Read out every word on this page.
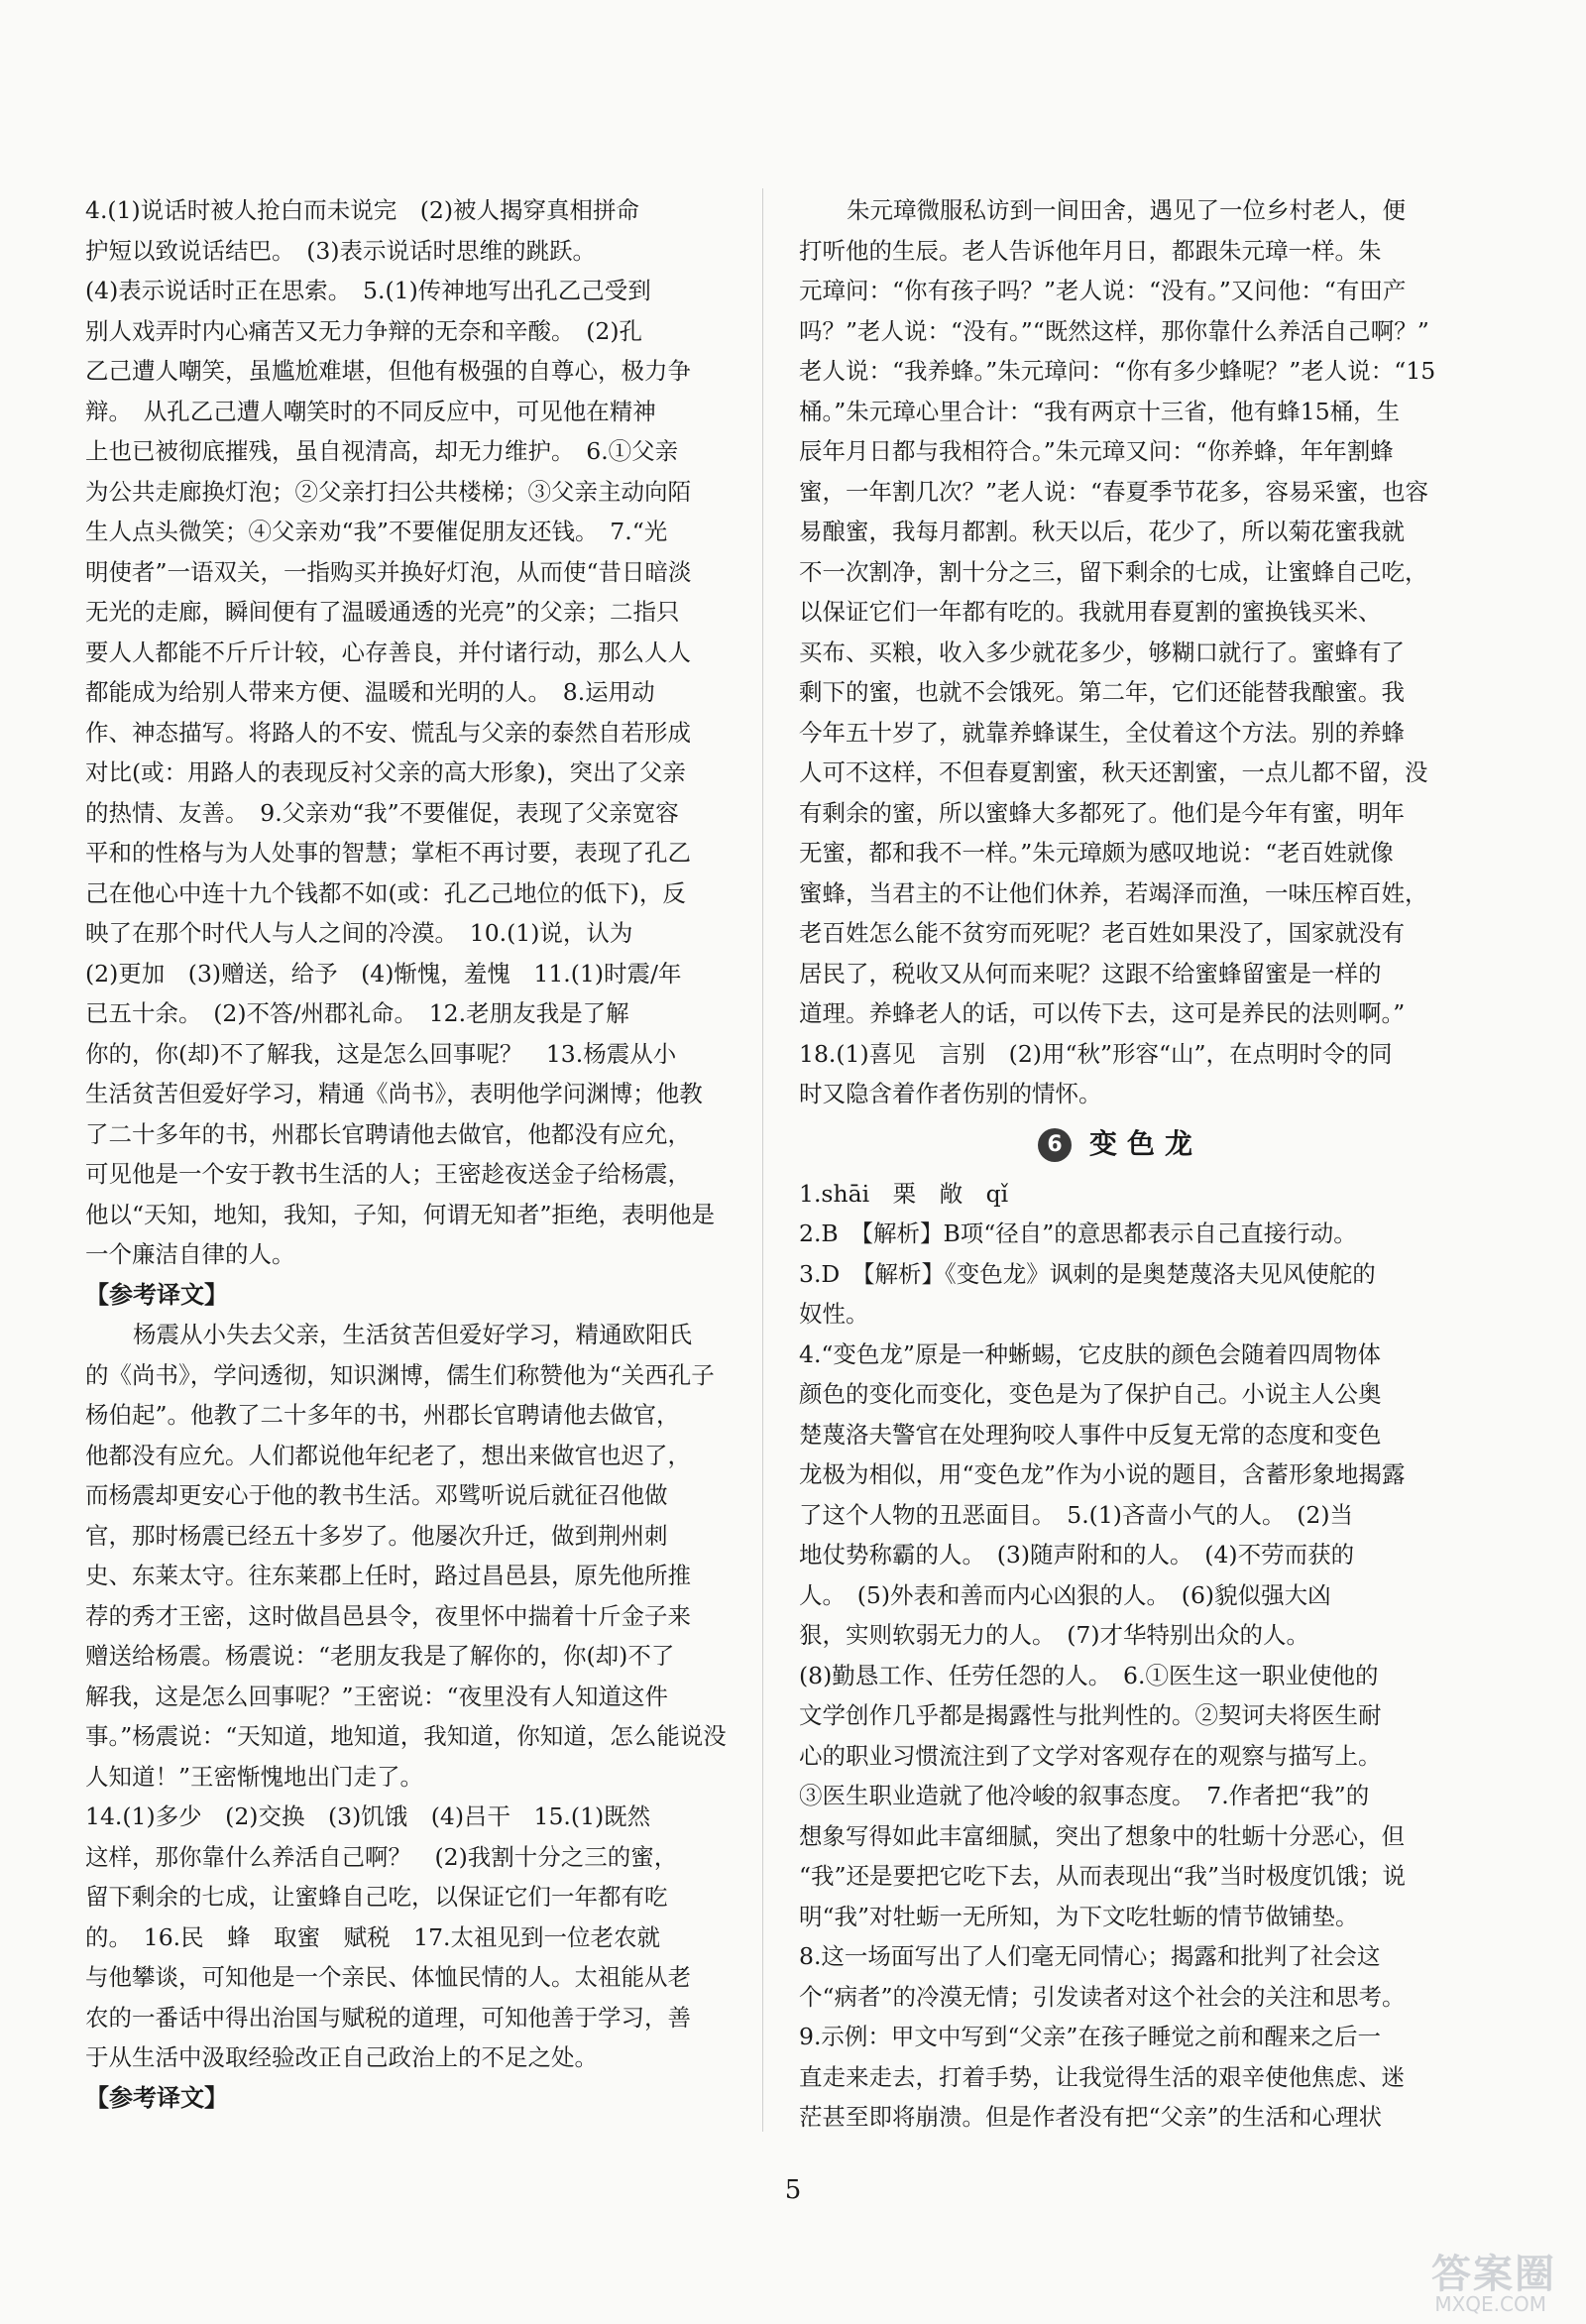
4.(1)说话时被人抢白而未说完　(2)被人揭穿真相拼命
护短以致说话结巴。　(3)表示说话时思维的跳跃。
(4)表示说话时正在思索。　5.(1)传神地写出孔乙己受到
别人戏弄时内心痛苦又无力争辩的无奈和辛酸。　(2)孔
乙己遭人嘲笑，虽尴尬难堪，但他有极强的自尊心，极力争
辩。　从孔乙己遭人嘲笑时的不同反应中，可见他在精神
上也已被彻底摧残，虽自视清高，却无力维护。　6.①父亲
为公共走廊换灯泡；②父亲打扫公共楼梯；③父亲主动向陌
生人点头微笑；④父亲劝“我”不要催促朋友还钱。　7.“光
明使者”一语双关，一指购买并换好灯泡，从而使“昔日暗淡
无光的走廊，瞬间便有了温暖通透的光亮”的父亲；二指只
要人人都能不斤斤计较，心存善良，并付诸行动，那么人人
都能成为给别人带来方便、温暖和光明的人。　8.运用动
作、神态描写。将路人的不安、慌乱与父亲的泰然自若形成
对比(或：用路人的表现反衬父亲的高大形象)，突出了父亲
的热情、友善。　9.父亲劝“我”不要催促，表现了父亲宽容
平和的性格与为人处事的智慧；掌柜不再讨要，表现了孔乙
己在他心中连十九个钱都不如(或：孔乙己地位的低下)，反
映了在那个时代人与人之间的冷漠。　10.(1)说，认为
(2)更加　(3)赠送，给予　(4)惭愧，羞愧　11.(1)时震/年
已五十余。　(2)不答/州郡礼命。　12.老朋友我是了解
你的，你(却)不了解我，这是怎么回事呢？　13.杨震从小
生活贫苦但爱好学习，精通《尚书》，表明他学问渊博；他教
了二十多年的书，州郡长官聘请他去做官，他都没有应允，
可见他是一个安于教书生活的人；王密趁夜送金子给杨震，
他以“天知，地知，我知，子知，何谓无知者”拒绝，表明他是
一个廉洁自律的人。
【参考译文】
杨震从小失去父亲，生活贫苦但爱好学习，精通欧阳氏
的《尚书》，学问透彻，知识渊博，儒生们称赞他为“关西孔子
杨伯起”。他教了二十多年的书，州郡长官聘请他去做官，
他都没有应允。人们都说他年纪老了，想出来做官也迟了，
而杨震却更安心于他的教书生活。邓骘听说后就征召他做
官，那时杨震已经五十多岁了。他屡次升迁，做到荆州刺
史、东莱太守。往东莱郡上任时，路过昌邑县，原先他所推
荐的秀才王密，这时做昌邑县令，夜里怀中揣着十斤金子来
赠送给杨震。杨震说：“老朋友我是了解你的，你(却)不了
解我，这是怎么回事呢？”王密说：“夜里没有人知道这件
事。”杨震说：“天知道，地知道，我知道，你知道，怎么能说没
人知道！”王密惭愧地出门走了。
14.(1)多少　(2)交换　(3)饥饿　(4)吕干　15.(1)既然
这样，那你靠什么养活自己啊？　(2)我割十分之三的蜜，
留下剩余的七成，让蜜蜂自己吃，以保证它们一年都有吃
的。　16.民　蜂　取蜜　赋税　17.太祖见到一位老农就
与他攀谈，可知他是一个亲民、体恤民情的人。太祖能从老
农的一番话中得出治国与赋税的道理，可知他善于学习，善
于从生活中汲取经验改正自己政治上的不足之处。
【参考译文】
朱元璋微服私访到一间田舍，遇见了一位乡村老人，便
打听他的生辰。老人告诉他年月日，都跟朱元璋一样。朱
元璋问：“你有孩子吗？”老人说：“没有。”又问他：“有田产
吗？”老人说：“没有。”“既然这样，那你靠什么养活自己啊？”
老人说：“我养蜂。”朱元璋问：“你有多少蜂呢？”老人说：“15
桶。”朱元璋心里合计：“我有两京十三省，他有蜂15桶，生
辰年月日都与我相符合。”朱元璋又问：“你养蜂，年年割蜂
蜜，一年割几次？”老人说：“春夏季节花多，容易采蜜，也容
易酿蜜，我每月都割。秋天以后，花少了，所以菊花蜜我就
不一次割净，割十分之三，留下剩余的七成，让蜜蜂自己吃，
以保证它们一年都有吃的。我就用春夏割的蜜换钱买米、
买布、买粮，收入多少就花多少，够糊口就行了。蜜蜂有了
剩下的蜜，也就不会饿死。第二年，它们还能替我酿蜜。我
今年五十岁了，就靠养蜂谋生，全仗着这个方法。别的养蜂
人可不这样，不但春夏割蜜，秋天还割蜜，一点儿都不留，没
有剩余的蜜，所以蜜蜂大多都死了。他们是今年有蜜，明年
无蜜，都和我不一样。”朱元璋颇为感叹地说：“老百姓就像
蜜蜂，当君主的不让他们休养，若竭泽而渔，一味压榨百姓，
老百姓怎么能不贫穷而死呢？老百姓如果没了，国家就没有
居民了，税收又从何而来呢？这跟不给蜜蜂留蜜是一样的
道理。养蜂老人的话，可以传下去，这可是养民的法则啊。”
18.(1)喜见　言别　(2)用“秋”形容“山”，在点明时令的同
时又隐含着作者伤别的情怀。
6 变色龙
1.shāi　栗　敞　qǐ
2.B　【解析】B项“径自”的意思都表示自己直接行动。
3.D　【解析】《变色龙》讽刺的是奥楚蔑洛夫见风使舵的
奴性。
4.“变色龙”原是一种蜥蜴，它皮肤的颜色会随着四周物体
颜色的变化而变化，变色是为了保护自己。小说主人公奥
楚蔑洛夫警官在处理狗咬人事件中反复无常的态度和变色
龙极为相似，用“变色龙”作为小说的题目，含蓄形象地揭露
了这个人物的丑恶面目。　5.(1)吝啬小气的人。　(2)当
地仗势称霸的人。　(3)随声附和的人。　(4)不劳而获的
人。　(5)外表和善而内心凶狠的人。　(6)貌似强大凶
狠，实则软弱无力的人。　(7)才华特别出众的人。
(8)勤恳工作、任劳任怨的人。　6.①医生这一职业使他的
文学创作几乎都是揭露性与批判性的。②契诃夫将医生耐
心的职业习惯流注到了文学对客观存在的观察与描写上。
③医生职业造就了他冷峻的叙事态度。　7.作者把“我”的
想象写得如此丰富细腻，突出了想象中的牡蛎十分恶心，但
“我”还是要把它吃下去，从而表现出“我”当时极度饥饿；说
明“我”对牡蛎一无所知，为下文吃牡蛎的情节做铺垫。
8.这一场面写出了人们毫无同情心；揭露和批判了社会这
个“病者”的冷漠无情；引发读者对这个社会的关注和思考。
9.示例：甲文中写到“父亲”在孩子睡觉之前和醒来之后一
直走来走去，打着手势，让我觉得生活的艰辛使他焦虑、迷
茫甚至即将崩溃。但是作者没有把“父亲”的生活和心理状
5
答案圈
MXQE.COM
